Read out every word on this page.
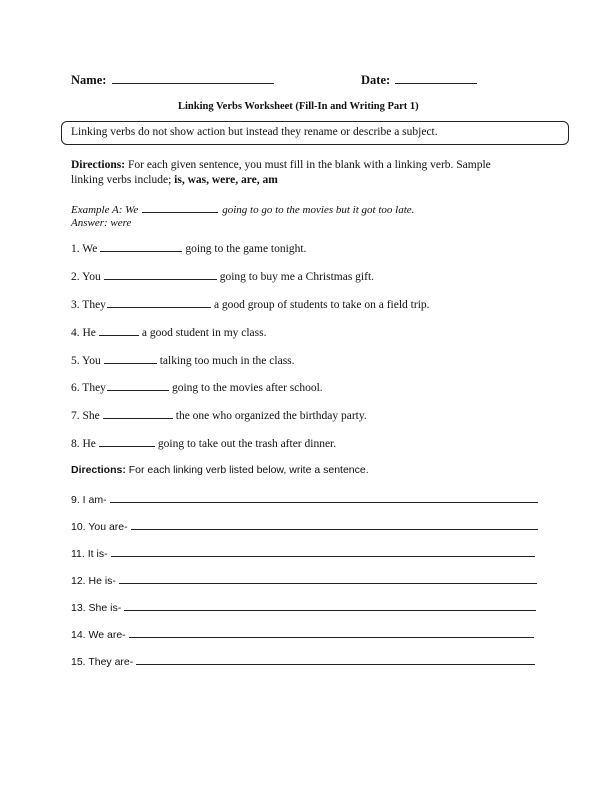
Name:	Date:
Linking Verbs Worksheet (Fill-In and Writing Part 1)
Linking verbs do not show action but instead they rename or describe a subject.
Directions: For each given sentence, you must fill in the blank with a linking verb. Sample
linking verbs include; is, was, were, are, am
Example A: We	going to go to the movies but it got too late.
Answer: were
1. We	going to the game tonight.
2. You	going to buy me a Christmas gift.
3. They	a good group of students to take on a field trip.
4. He	a good student in my class.
5. You	talking too much in the class.
6. They	going to the movies after school.
7. She	the one who organized the birthday party.
8. He	going to take out the trash after dinner.
Directions: For each linking verb listed below, write a sentence.
9. I am-
10. You are-
11. It is-
12. He is-
13. She is-
14. We are-
15. They are-
